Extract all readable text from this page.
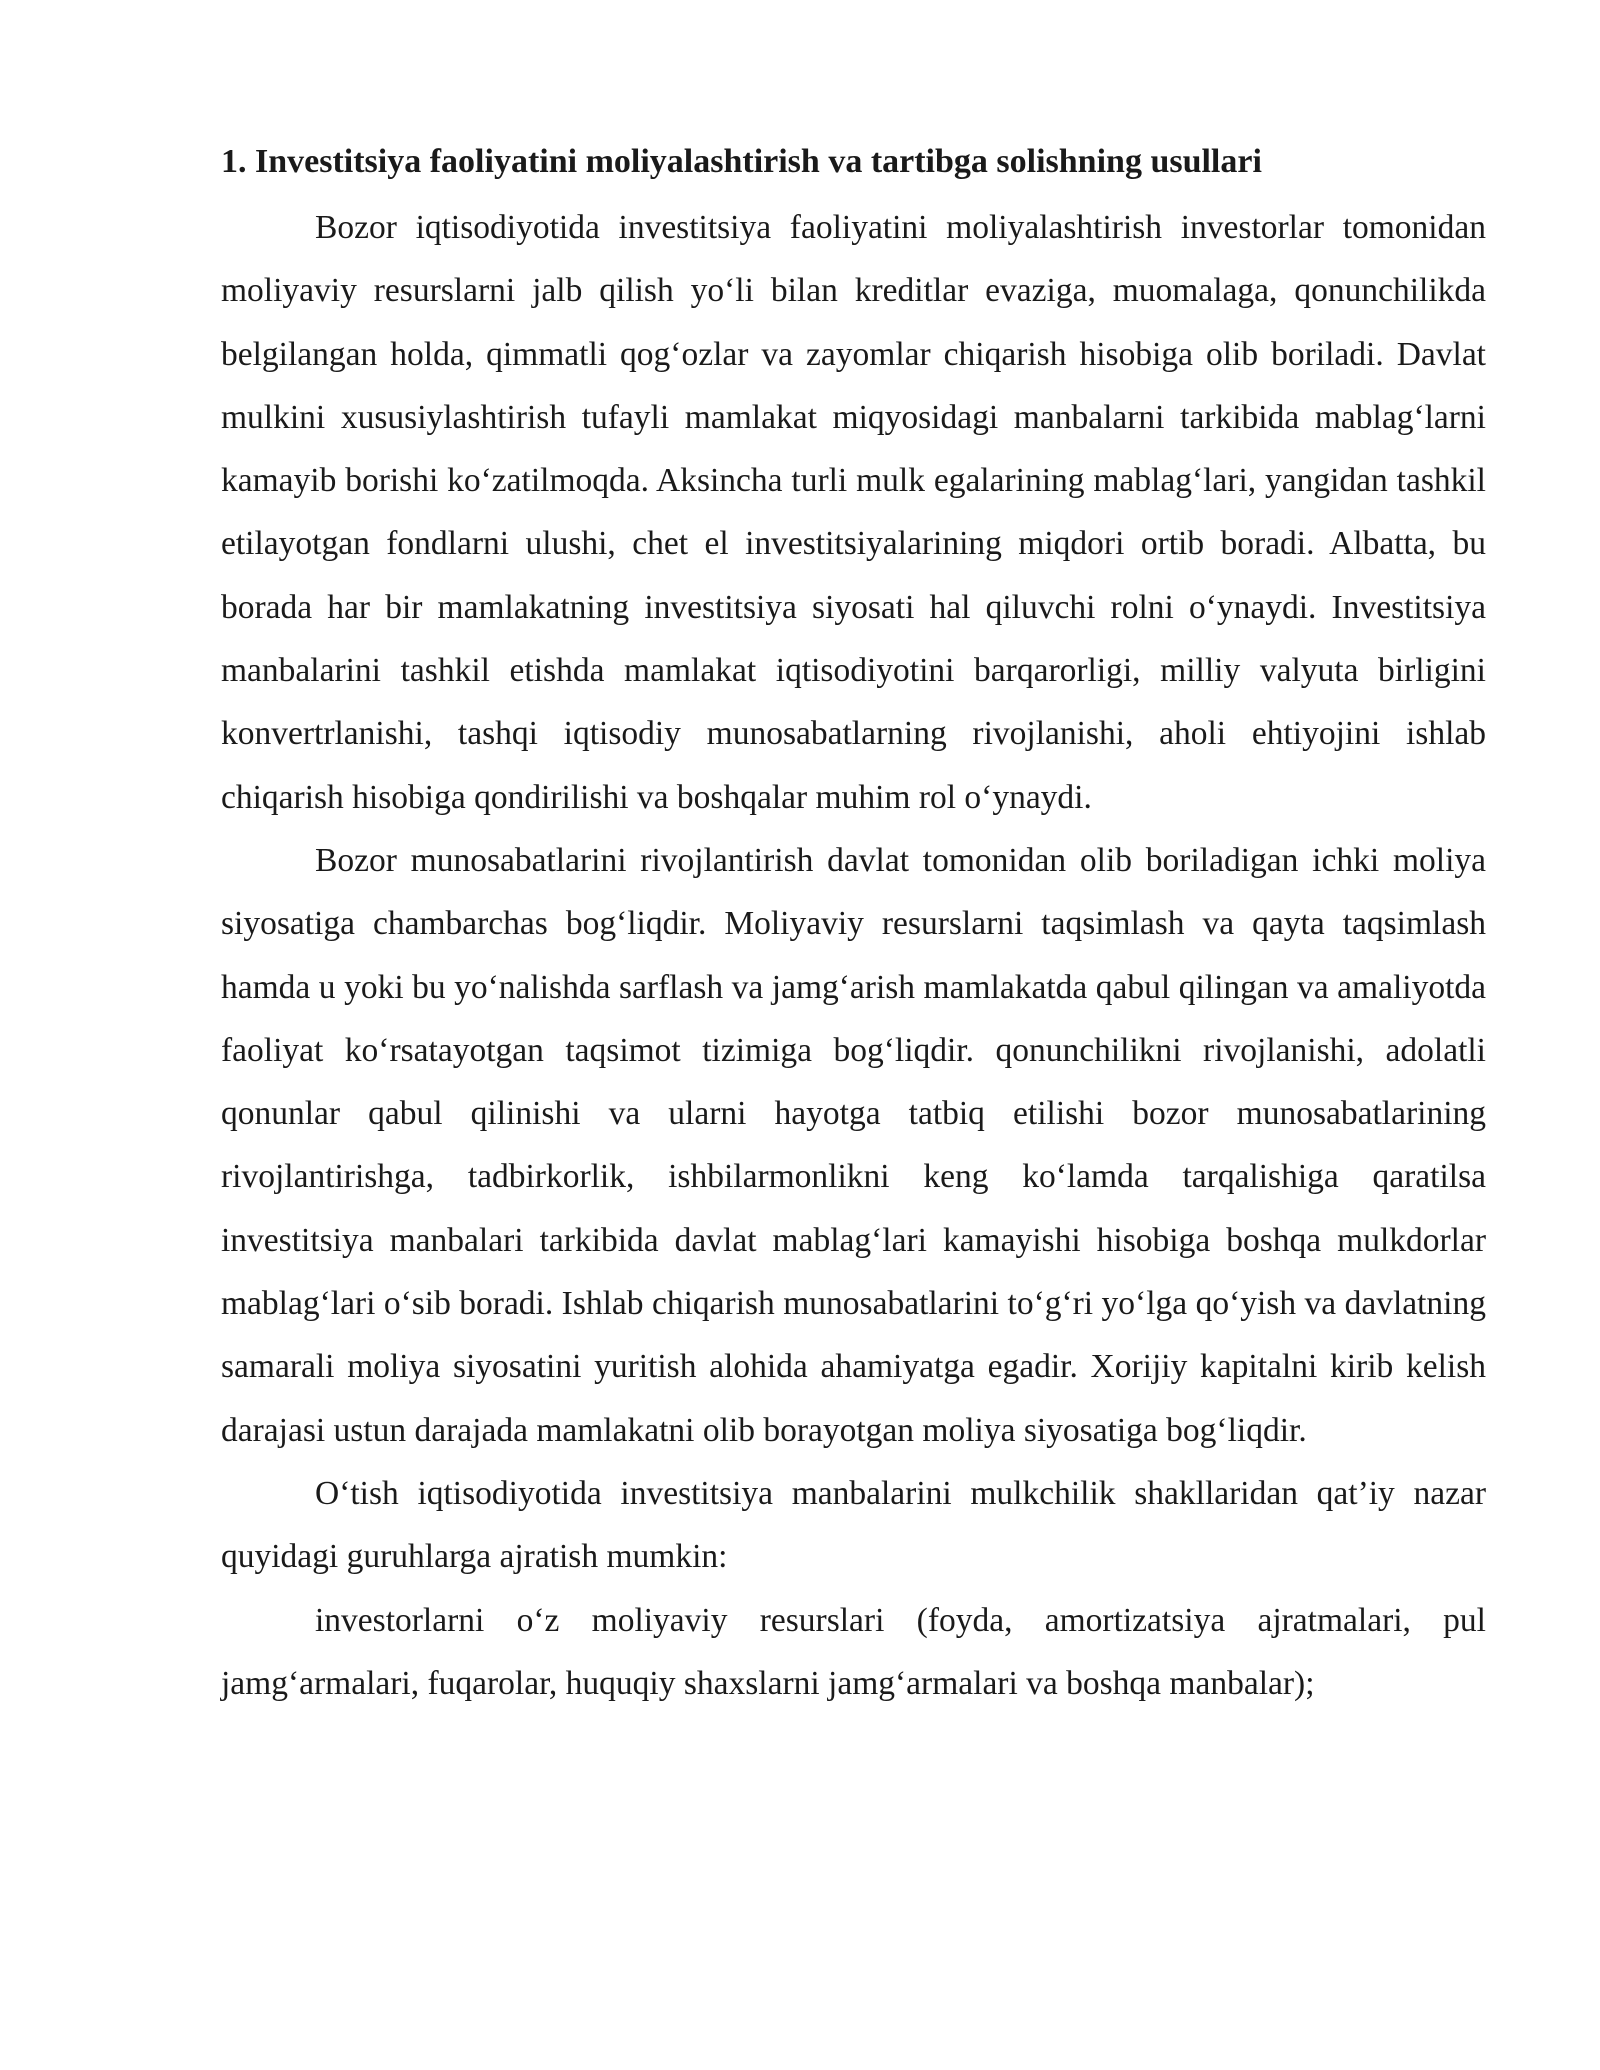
1. Investitsiya faoliyatini moliyalashtirish va tartibga solishning usullari

Bozor iqtisodiyotida investitsiya faoliyatini moliyalashtirish investorlar tomonidan moliyaviy resurslarni jalb qilish yo‘li bilan kreditlar evaziga, muomalaga, qonunchilikda belgilangan holda, qimmatli qog‘ozlar va zayomlar chiqarish hisobiga olib boriladi. Davlat mulkini xususiylashtirish tufayli mamlakat miqyosidagi manbalarni tarkibida mablag‘larni kamayib borishi ko‘zatilmoqda. Aksincha turli mulk egalarining mablag‘lari, yangidan tashkil etilayotgan fondlarni ulushi, chet el investitsiyalarining miqdori ortib boradi. Albatta, bu borada har bir mamlakatning investitsiya siyosati hal qiluvchi rolni o‘ynaydi. Investitsiya manbalarini tashkil etishda mamlakat iqtisodiyotini barqarorligi, milliy valyuta birligini konvertrlanishi, tashqi iqtisodiy munosabatlarning rivojlanishi, aholi ehtiyojini ishlab chiqarish hisobiga qondirilishi va boshqalar muhim rol o‘ynaydi.

Bozor munosabatlarini rivojlantirish davlat tomonidan olib boriladigan ichki moliya siyosatiga chambarchas bog‘liqdir. Moliyaviy resurslarni taqsimlash va qayta taqsimlash hamda u yoki bu yo‘nalishda sarflash va jamg‘arish mamlakatda qabul qilingan va amaliyotda faoliyat ko‘rsatayotgan taqsimot tizimiga bog‘liqdir. qonunchilikni rivojlanishi, adolatli qonunlar qabul qilinishi va ularni hayotga tatbiq etilishi bozor munosabatlarining rivojlantirishga, tadbirkorlik, ishbilarmonlikni keng ko‘lamda tarqalishiga qaratilsa investitsiya manbalari tarkibida davlat mablag‘lari kamayishi hisobiga boshqa mulkdorlar mablag‘lari o‘sib boradi. Ishlab chiqarish munosabatlarini to‘g‘ri yo‘lga qo‘yish va davlatning samarali moliya siyosatini yuritish alohida ahamiyatga egadir. Xorijiy kapitalni kirib kelish darajasi ustun darajada mamlakatni olib borayotgan moliya siyosatiga bog‘liqdir.

O‘tish iqtisodiyotida investitsiya manbalarini mulkchilik shakllaridan qat’iy nazar quyidagi guruhlarga ajratish mumkin:

investorlarni o‘z moliyaviy resurslari (foyda, amortizatsiya ajratmalari, pul jamg‘armalari, fuqarolar, huquqiy shaxslarni jamg‘armalari va boshqa manbalar);
